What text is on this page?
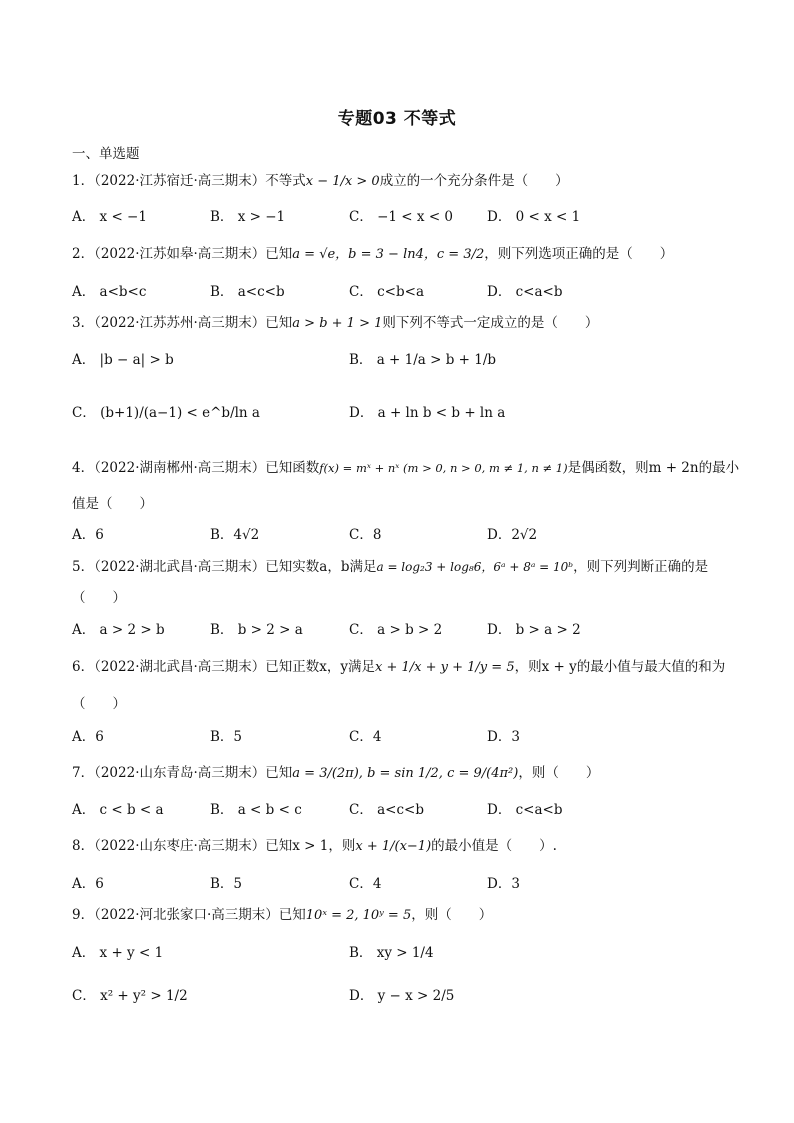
专题03 不等式
一、单选题
1．（2022·江苏宿迁·高三期末）不等式x − 1/x > 0成立的一个充分条件是（　　）
A． x < −1	B． x > −1	C． −1 < x < 0	D． 0 < x < 1
2．（2022·江苏如皋·高三期末）已知a = √e，b = 3 − ln4，c = 3/2，则下列选项正确的是（　　）
A． a<b<c	B． a<c<b	C． c<b<a	D． c<a<b
3．（2022·江苏苏州·高三期末）已知a > b + 1 > 1则下列不等式一定成立的是（　　）
A． |b − a| > b	B． a + 1/a > b + 1/b
C． (b+1)/(a−1) < e^b/ln a	D． a + ln b < b + ln a
4．（2022·湖南郴州·高三期末）已知函数f(x) = mˣ + nˣ (m > 0, n > 0, m ≠ 1, n ≠ 1)是偶函数，则m + 2n的最小
值是（　　）
A．6	B．4√2	C．8	D．2√2
5．（2022·湖北武昌·高三期末）已知实数a，b满足a = log₂3 + log₈6，6ᵃ + 8ᵃ = 10ᵇ，则下列判断正确的是
（　　）
A． a > 2 > b	B． b > 2 > a	C． a > b > 2	D． b > a > 2
6．（2022·湖北武昌·高三期末）已知正数x，y满足x + 1/x + y + 1/y = 5，则x + y的最小值与最大值的和为
（　　）
A．6	B．5	C．4	D．3
7．（2022·山东青岛·高三期末）已知a = 3/(2π), b = sin 1/2, c = 9/(4π²)，则（　　）
A． c < b < a	B． a < b < c	C． a<c<b	D． c<a<b
8．（2022·山东枣庄·高三期末）已知x > 1，则x + 1/(x−1)的最小值是（　　）.
A．6	B．5	C．4	D．3
9．（2022·河北张家口·高三期末）已知10ˣ = 2, 10ʸ = 5，则（　　）
A． x + y < 1	B． xy > 1/4
C． x² + y² > 1/2	D． y − x > 2/5
